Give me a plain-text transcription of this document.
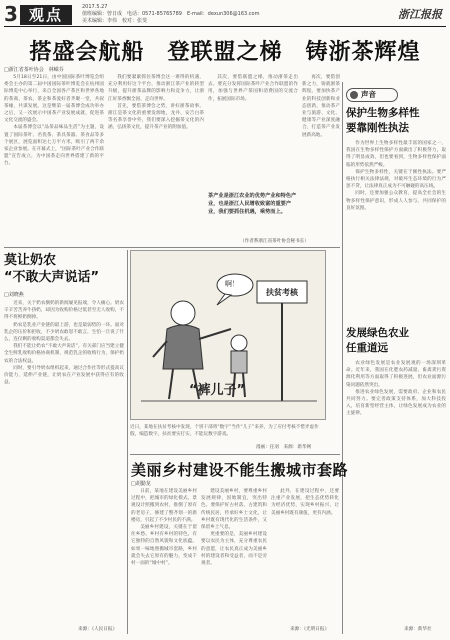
3 观点	2017.5.27
值班编辑：曾日成　电话：0571-85765789　E-mail：dexun306@163.com
美术编辑：李伟　校对：张斐	浙江报报
搭盛会航船　登联盟之梯　铸浙茶辉煌
□浙江省茶叶协会　林嵘芬

5月18日至21日，由中国国际茶叶博览会组委会主办的第二届中国国际茶叶博览会在杭州国际博览中心举行，来自全国各产茶区和世界各地的茶商、茶农、茶企和茶爱好者齐聚一堂，共叙茶缘，共谋发展。这是继第一届茶博会成功举办之后，又一次展示中国茶产业发展成就、促进茶文化交流的盛会。

本届茶博会以“品茶品味品生活”为主题，设置了国际茶叶、名优茶、茶具茶器、茶食品等多个展区，展览面积达七万平方米，吸引了两千余家企业参展。在开幕式上，“国际茶叶产业合作联盟”宣告成立，为中国茶走向世界搭建了新的平台。

我们要紧紧抓住茶博会这一难得的机遇，充分利用好这个平台，推动浙江茶产业的转型升级，提升浙茶品牌的影响力和竞争力，让浙江好茶香飘全国、走向世界。

首先，要借茶博会之势，讲好浙茶故事。浙江是茶文化的重要发源地，龙井、安吉白茶等名茶享誉中外，我们要深入挖掘茶文化的内涵，弘扬茶文化，提升茶产业的附加值。

其次，要借联盟之梯，推动浙茶走出去。要充分发挥国际茶叶产业合作联盟的作用，加强与世界产茶国和消费国的交流合作，拓展国际市场。

茶产业是浙江农业的优势产业和特色产业，也是浙江人民增收致富的重要产业，我们要抓住机遇，乘势而上。

再次，要借创新之力，铸就浙茶辉煌。要加快茶产业的科技创新和业态创新，推动茶产业与旅游、文化、健康等产业深度融合，打造茶产业发展新高地。

（作者系浙江省茶叶协会秘书长）
莫让奶农
“不敢大声说话”
□刘晓燕

近来，关于奶农倒奶的新闻屡见报端，令人痛心。奶农辛辛苦苦养牛挤奶，却因为收购价格过低甚至无人收购，不得不将鲜奶倒掉。

奶农是乳业产业链的最上游，也是最弱势的一环。面对乳企的压价和拒收，不少奶农敢怒不敢言，生怕一旦说了什么，连仅剩的收购渠道都会失去。

我们不能让奶农“不敢大声说话”。有关部门应当建立健全生鲜乳收购价格协商机制，规范乳企的收购行为，保护奶农的合法权益。

同时，要引导奶农组织起来，通过合作社等形式提高议价能力，延伸产业链，让奶农在产业发展中获得应有的收益。

来源：《人民日报》
扶贫考核
啊！
“裤儿子”
近日，某地在扶贫考核中发现，个别干部将“数字”当作“儿子”来养，为了应付考核不惜弄虚作假，编造数字。扶贫要实打实，不能玩数字游戏。
漫画：任羽　来源：新华网
声音
保护生物多样性
要靠刚性执法

作为世界上生物多样性最丰富的国家之一，我国在生物多样性保护方面做出了积极努力，取得了明显成效。但也要看到，生物多样性保护面临的形势依然严峻。

保护生物多样性，关键在于刚性执法。要严格执行相关法律法规，对破坏生态环境的行为严惩不贷，让法律真正成为不可触碰的高压线。

同时，还要加强公众教育，提高全社会的生物多样性保护意识，形成人人参与、共同保护的良好氛围。

发展绿色农业
任重道远

农业绿色发展是农业发展观的一场深刻革命。近年来，我国在化肥农药减量、畜禽粪污资源化利用等方面取得了积极进展，但农业面源污染问题依然突出。

推进农业绿色发展，需要政府、企业和农民共同努力。要完善政策支持体系，加大科技投入，培育新型经营主体，让绿色发展成为农业的主旋律。

来源：新华社
美丽乡村建设不能生搬城市套路
□胡勤龙

日前，某地在建设美丽乡村过程中，把城市的绿化模式、景观设计照搬到农村，推倒了原有的老房子，修建了整齐划一的新楼房，引起了不少村民的不满。

美丽乡村建设，关键在于留住乡愁。乡村有乡村的特色，有它独特的自然风貌和文化底蕴。如果一味地照搬城市套路，乡村就会失去它原有的魅力，变成千村一面的“城中村”。

建设美丽乡村，要尊重乡村发展规律，因地制宜，突出特色。要保护好古村落、古建筑和传统民居，传承好乡土文化，让乡村既有现代化的生活条件，又保留乡土气息。

更重要的是，美丽乡村建设要以农民为主体，充分尊重农民的意愿，让农民真正成为美丽乡村的建设者和受益者，而不是旁观者。

此外，在建设过程中，还要注重产业发展，把生态优势转化为经济优势，实现乡村振兴，让美丽乡村既有颜值，更有内涵。

来源：《光明日报》
